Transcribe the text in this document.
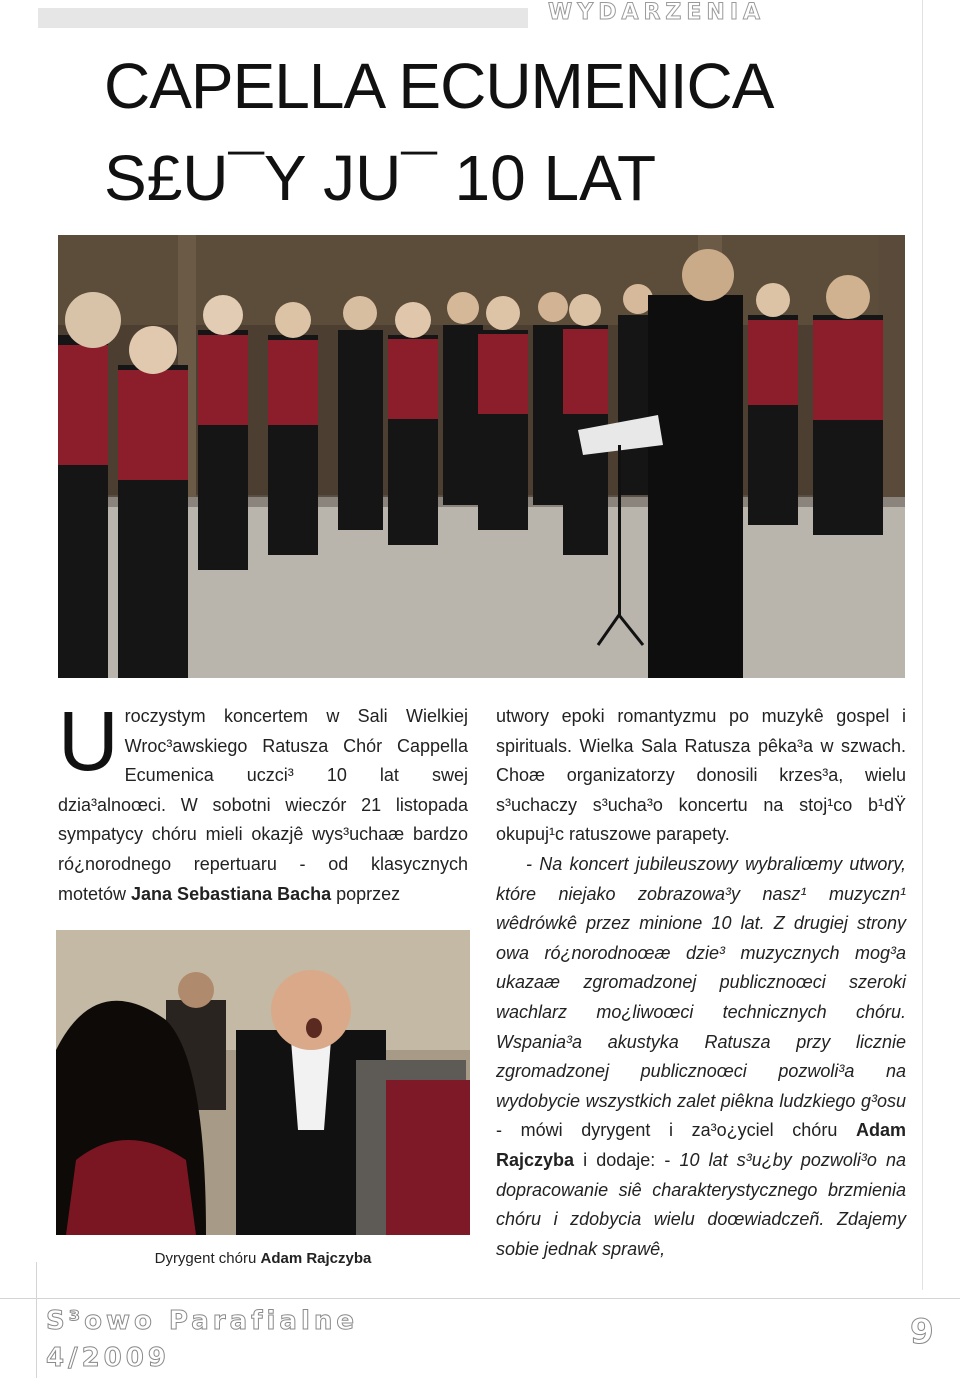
WYDARZENIA
CAPELLA ECUMENICA
S£U¯Y JU¯ 10 LAT

Uroczystym koncertem w Sali Wielkiej Wroc³awskiego Ratusza Chór Cappella Ecumenica uczci³ 10 lat swej dzia³alnoœci. W sobotni wieczór 21 listopada sympatycy chóru mieli okazjê wys³uchaæ bardzo ró¿norodnego repertuaru - od klasycznych motetów Jana Sebastiana Bacha poprzez

Dyrygent chóru Adam Rajczyba

utwory epoki romantyzmu po muzykê gospel i spirituals. Wielka Sala Ratusza pêka³a w szwach. Choæ organizatorzy donosili krzes³a, wielu s³uchaczy s³ucha³o koncertu na stoj¹co b¹dŸ okupuj¹c ratuszowe parapety.

- Na koncert jubileuszowy wybraliœmy utwory, które niejako zobrazowa³y nasz¹ muzyczn¹ wêdrówkê przez minione 10 lat. Z drugiej strony owa ró¿norodnoœæ dzie³ muzycznych mog³a ukazaæ zgromadzonej publicznoœci szeroki wachlarz mo¿liwoœci technicznych chóru. Wspania³a akustyka Ratusza przy licznie zgromadzonej publicznoœci pozwoli³a na wydobycie wszystkich zalet piêkna ludzkiego g³osu - mówi dyrygent i za³o¿yciel chóru Adam Rajczyba i dodaje: - 10 lat s³u¿by pozwoli³o na dopracowanie siê charakterystycznego brzmienia chóru i zdobycia wielu doœwiadczeñ. Zdajemy sobie jednak sprawê,

S³owo Parafialne
4/2009
9
